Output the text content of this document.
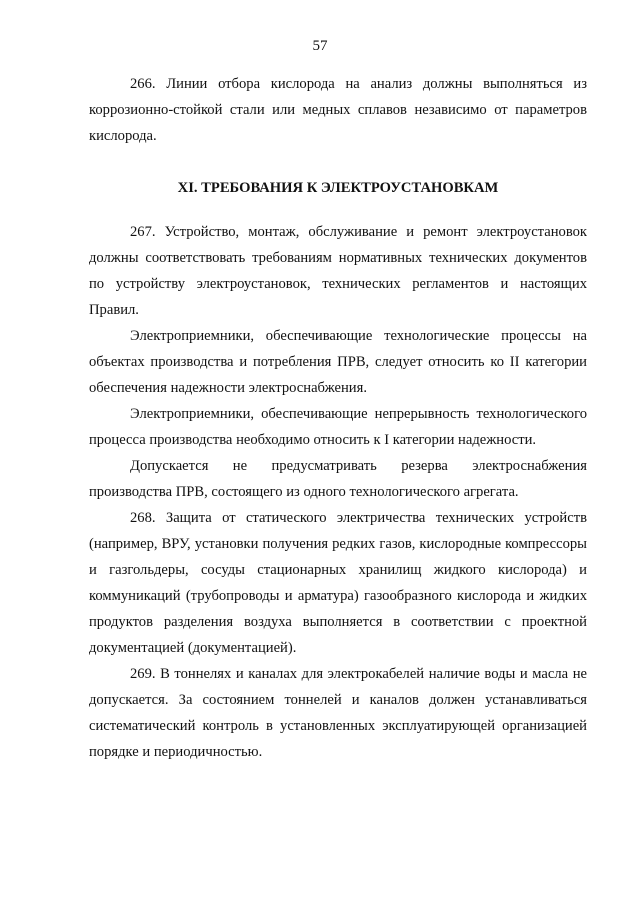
57

266. Линии отбора кислорода на анализ должны выполняться из коррозионно-стойкой стали или медных сплавов независимо от параметров кислорода.

XI. ТРЕБОВАНИЯ К ЭЛЕКТРОУСТАНОВКАМ

267. Устройство, монтаж, обслуживание и ремонт электроустановок должны соответствовать требованиям нормативных технических документов по устройству электроустановок, технических регламентов и настоящих Правил.

Электроприемники, обеспечивающие технологические процессы на объектах производства и потребления ПРВ, следует относить ко II категории обеспечения надежности электроснабжения.

Электроприемники, обеспечивающие непрерывность технологического процесса производства необходимо относить к I категории надежности.

Допускается не предусматривать резерва электроснабжения производства ПРВ, состоящего из одного технологического агрегата.

268. Защита от статического электричества технических устройств (например, ВРУ, установки получения редких газов, кислородные компрессоры и газгольдеры, сосуды стационарных хранилищ жидкого кислорода) и коммуникаций (трубопроводы и арматура) газообразного кислорода и жидких продуктов разделения воздуха выполняется в соответствии с проектной документацией (документацией).

269. В тоннелях и каналах для электрокабелей наличие воды и масла не допускается. За состоянием тоннелей и каналов должен устанавливаться систематический контроль в установленных эксплуатирующей организацией порядке и периодичностью.
